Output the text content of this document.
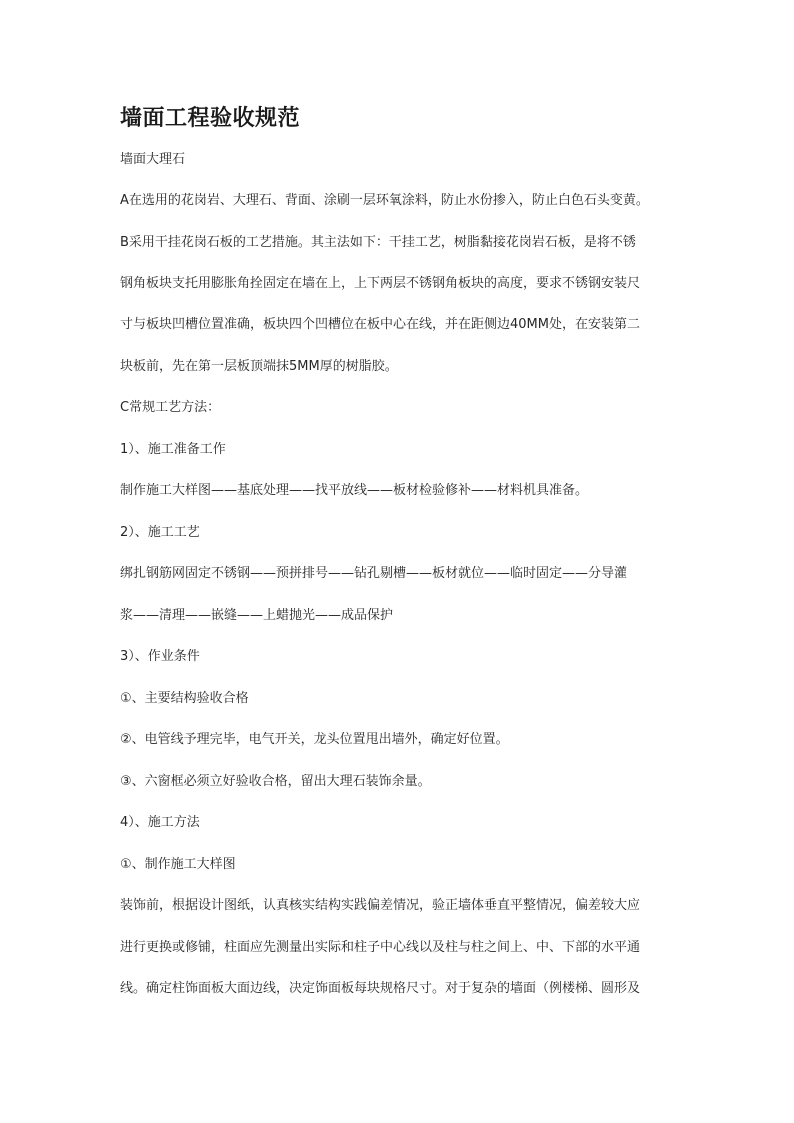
墙面工程验收规范
墙面大理石
A在选用的花岗岩、大理石、背面、涂刷一层环氧涂料，防止水份掺入，防止白色石头变黄。
B采用干挂花岗石板的工艺措施。其主法如下：干挂工艺，树脂黏接花岗岩石板，是将不锈
钢角板块支托用膨胀角拴固定在墙在上，上下两层不锈钢角板块的高度，要求不锈钢安装尺
寸与板块凹槽位置准确，板块四个凹槽位在板中心在线，并在距侧边40MM处，在安装第二
块板前，先在第一层板顶端抹5MM厚的树脂胶。
C常规工艺方法：
1）、施工准备工作
制作施工大样图——基底处理——找平放线——板材检验修补——材料机具准备。
2）、施工工艺
绑扎钢筋网固定不锈钢——预拼排号——钻孔剔槽——板材就位——临时固定——分导灌
浆——清理——嵌缝——上蜡抛光——成品保护
3）、作业条件
①、主要结构验收合格
②、电管线予理完毕，电气开关，龙头位置甩出墙外，确定好位置。
③、六窗框必须立好验收合格，留出大理石装饰余量。
4）、施工方法
①、制作施工大样图
装饰前，根据设计图纸，认真核实结构实践偏差情况，验正墙体垂直平整情况，偏差较大应
进行更换或修铺，柱面应先测量出实际和柱子中心线以及柱与柱之间上、中、下部的水平通
线。确定柱饰面板大面边线，决定饰面板每块规格尺寸。对于复杂的墙面（例楼梯、圆形及
